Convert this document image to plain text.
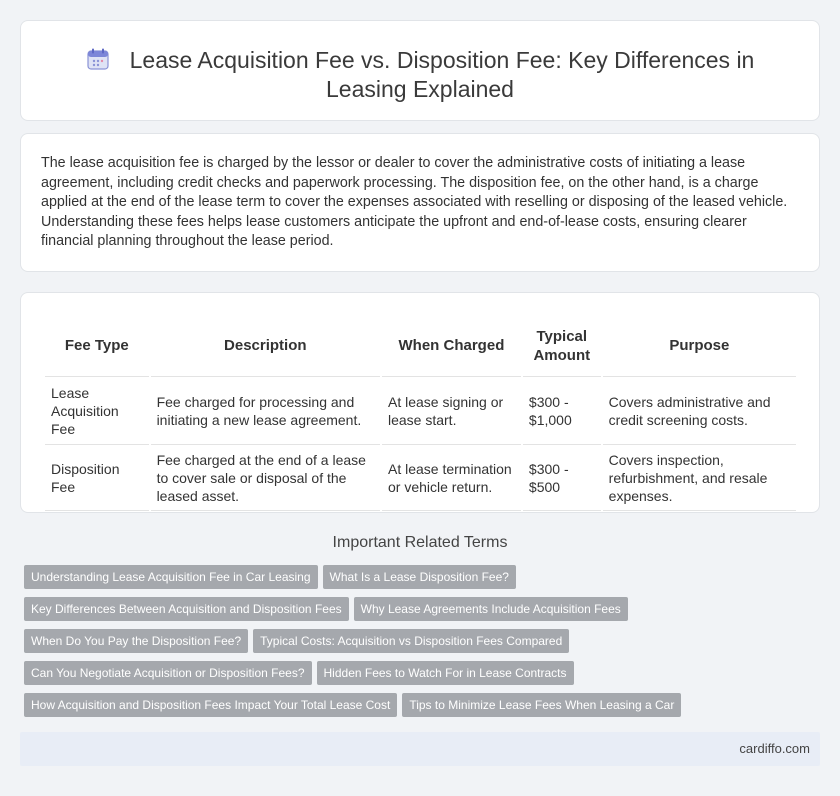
Lease Acquisition Fee vs. Disposition Fee: Key Differences in Leasing Explained

The lease acquisition fee is charged by the lessor or dealer to cover the administrative costs of initiating a lease agreement, including credit checks and paperwork processing. The disposition fee, on the other hand, is a charge applied at the end of the lease term to cover the expenses associated with reselling or disposing of the leased vehicle. Understanding these fees helps lease customers anticipate the upfront and end-of-lease costs, ensuring clearer financial planning throughout the lease period.

Fee Type	Description	When Charged	Typical Amount	Purpose
Lease Acquisition Fee	Fee charged for processing and initiating a new lease agreement.	At lease signing or lease start.	$300 - $1,000	Covers administrative and credit screening costs.
Disposition Fee	Fee charged at the end of a lease to cover sale or disposal of the leased asset.	At lease termination or vehicle return.	$300 - $500	Covers inspection, refurbishment, and resale expenses.
Important Related Terms
Understanding Lease Acquisition Fee in Car Leasing What Is a Lease Disposition Fee?
Key Differences Between Acquisition and Disposition Fees Why Lease Agreements Include Acquisition Fees
When Do You Pay the Disposition Fee? Typical Costs: Acquisition vs Disposition Fees Compared
Can You Negotiate Acquisition or Disposition Fees? Hidden Fees to Watch For in Lease Contracts
How Acquisition and Disposition Fees Impact Your Total Lease Cost Tips to Minimize Lease Fees When Leasing a Car
cardiffo.com
